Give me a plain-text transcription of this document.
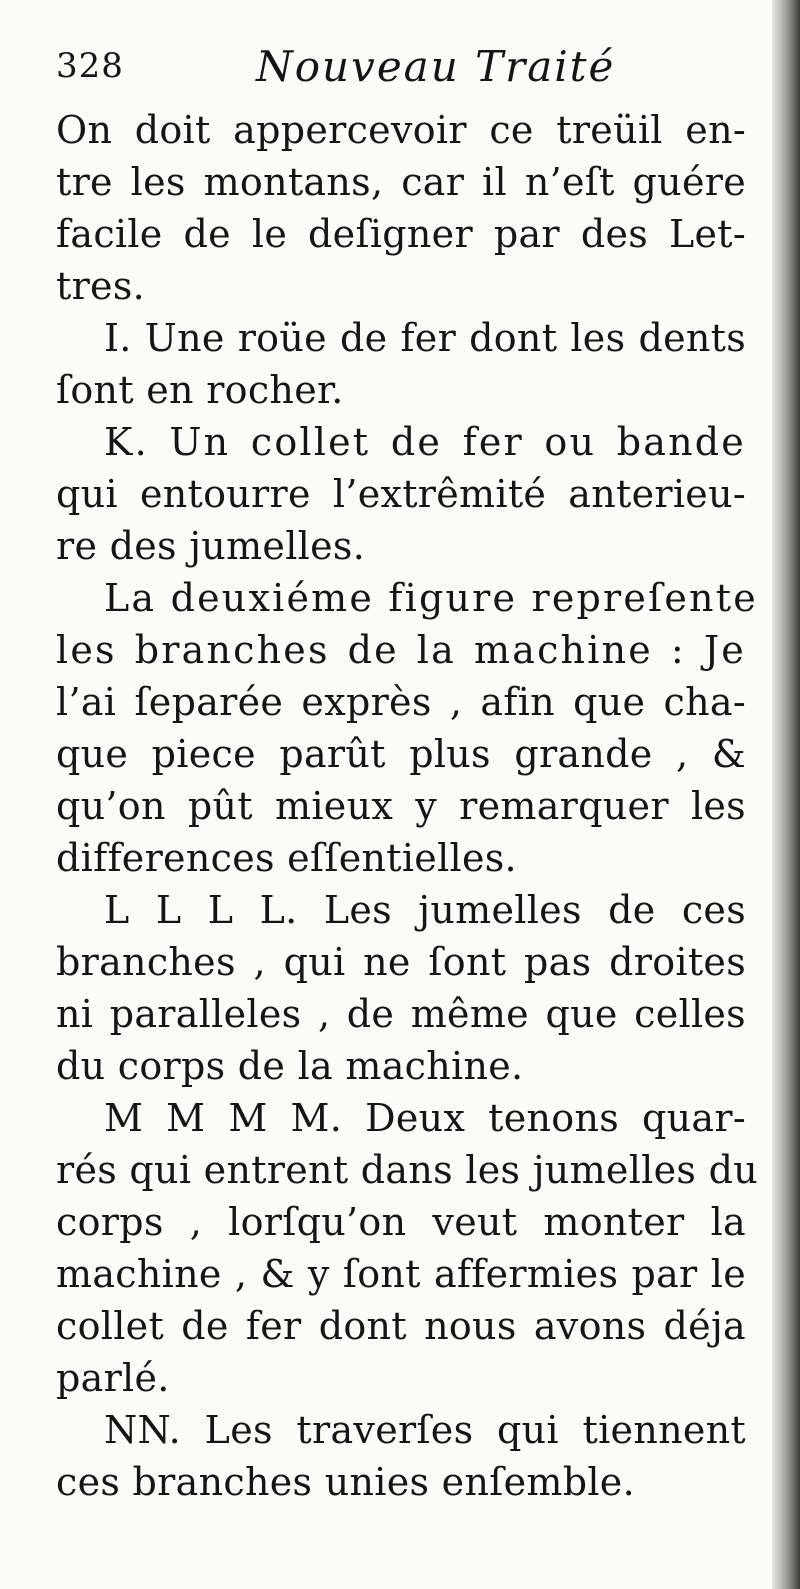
328	Nouveau Traité
On doit appercevoir ce treüil en-
tre les montans, car il n’eſt guére
facile de le deſigner par des Let-
tres.
I. Une roüe de fer dont les dents
ſont en rocher.
K. Un collet de fer ou bande
qui entourre l’extrêmité anterieu-
re des jumelles.
La deuxiéme figure repreſente
les branches de la machine : Je
l’ai ſeparée exprès , afin que cha-
que piece parût plus grande , &
qu’on pût mieux y remarquer les
differences eſſentielles.
L L L L. Les jumelles de ces
branches , qui ne ſont pas droites
ni paralleles , de même que celles
du corps de la machine.
M M M M. Deux tenons quar-
rés qui entrent dans les jumelles du
corps , lorſqu’on veut monter la
machine , & y ſont affermies par le
collet de fer dont nous avons déja
parlé.
NN. Les traverſes qui tiennent
ces branches unies enſemble.
